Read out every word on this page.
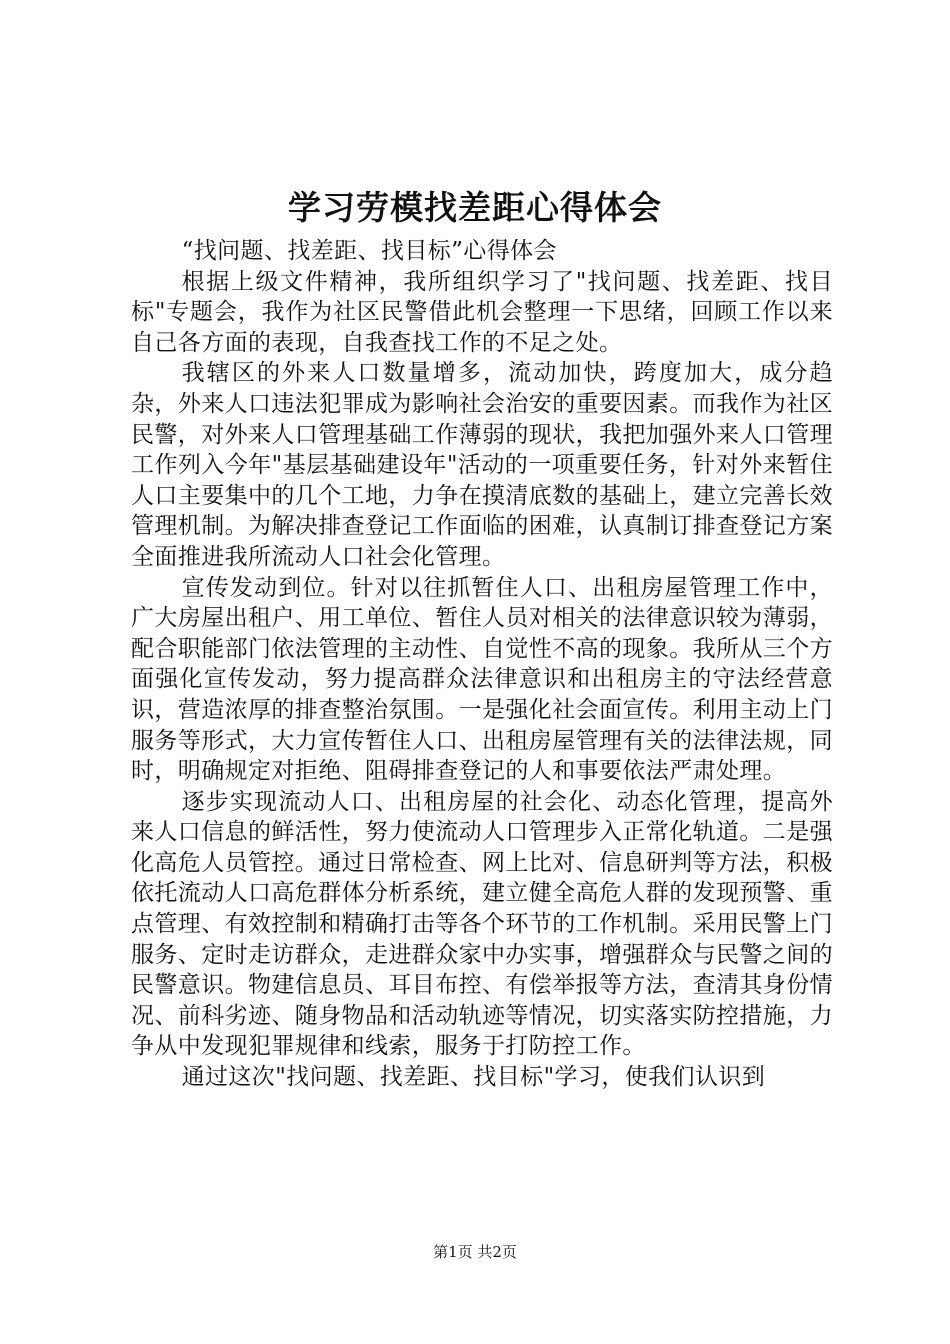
学习劳模找差距心得体会

“找问题、找差距、找目标”心得体会

根据上级文件精神，我所组织学习了"找问题、找差距、找目标"专题会，我作为社区民警借此机会整理一下思绪，回顾工作以来自己各方面的表现，自我查找工作的不足之处。

我辖区的外来人口数量增多，流动加快，跨度加大，成分趋杂，外来人口违法犯罪成为影响社会治安的重要因素。而我作为社区民警，对外来人口管理基础工作薄弱的现状，我把加强外来人口管理工作列入今年"基层基础建设年"活动的一项重要任务，针对外来暂住人口主要集中的几个工地，力争在摸清底数的基础上，建立完善长效管理机制。为解决排查登记工作面临的困难，认真制订排查登记方案全面推进我所流动人口社会化管理。

宣传发动到位。针对以往抓暂住人口、出租房屋管理工作中，广大房屋出租户、用工单位、暂住人员对相关的法律意识较为薄弱，配合职能部门依法管理的主动性、自觉性不高的现象。我所从三个方面强化宣传发动，努力提高群众法律意识和出租房主的守法经营意识，营造浓厚的排查整治氛围。一是强化社会面宣传。利用主动上门服务等形式，大力宣传暂住人口、出租房屋管理有关的法律法规，同时，明确规定对拒绝、阻碍排查登记的人和事要依法严肃处理。

逐步实现流动人口、出租房屋的社会化、动态化管理，提高外来人口信息的鲜活性，努力使流动人口管理步入正常化轨道。二是强化高危人员管控。通过日常检查、网上比对、信息研判等方法，积极依托流动人口高危群体分析系统，建立健全高危人群的发现预警、重点管理、有效控制和精确打击等各个环节的工作机制。采用民警上门服务、定时走访群众，走进群众家中办实事，增强群众与民警之间的民警意识。物建信息员、耳目布控、有偿举报等方法，查清其身份情况、前科劣迹、随身物品和活动轨迹等情况，切实落实防控措施，力争从中发现犯罪规律和线索，服务于打防控工作。

通过这次"找问题、找差距、找目标"学习，使我们认识到

第1页 共2页
